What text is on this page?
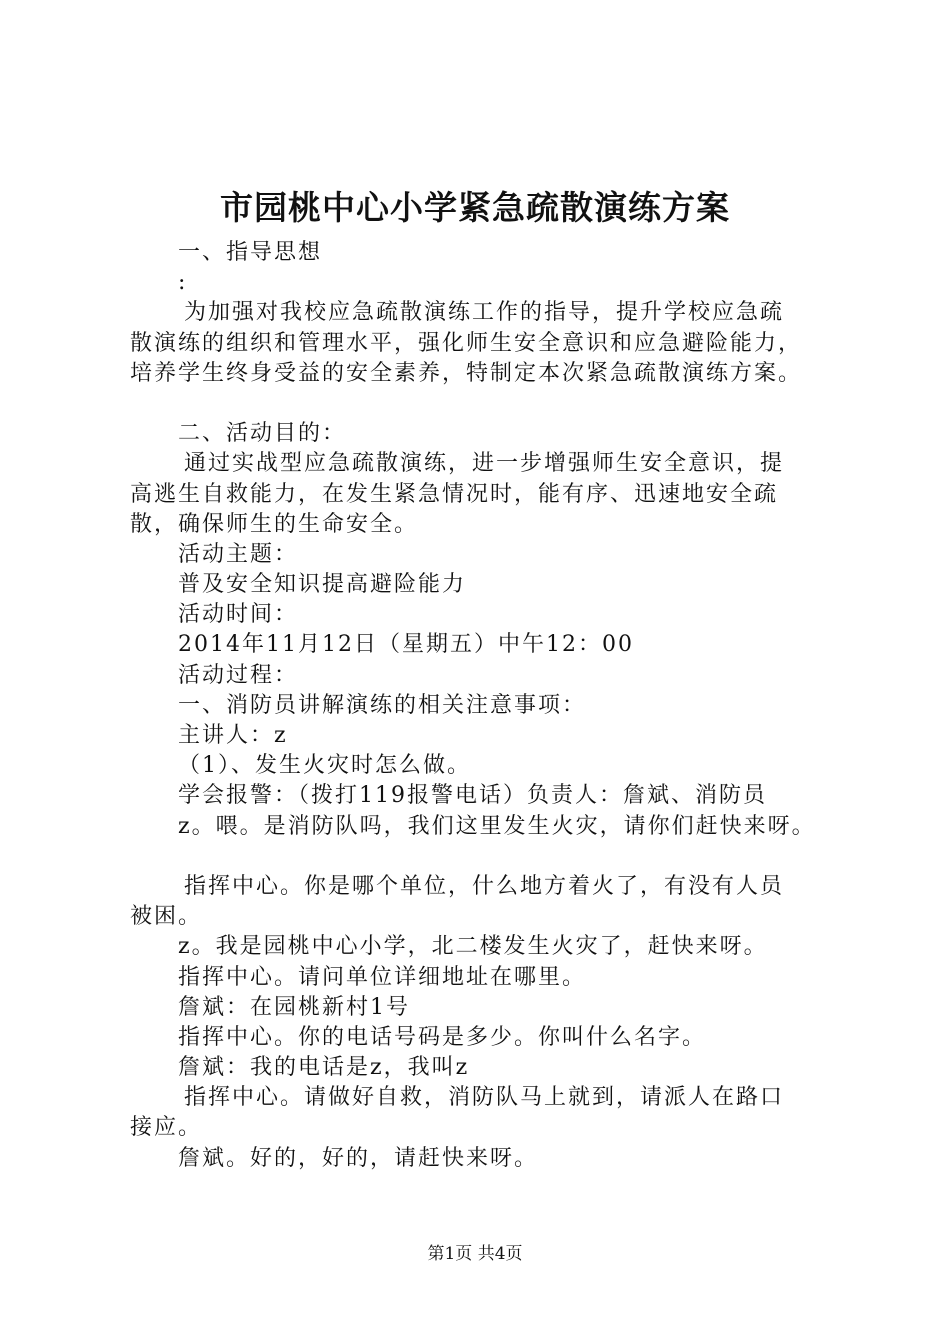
市园桃中心小学紧急疏散演练方案
一、指导思想
:
为加强对我校应急疏散演练工作的指导，提升学校应急疏
散演练的组织和管理水平，强化师生安全意识和应急避险能力，
培养学生终身受益的安全素养，特制定本次紧急疏散演练方案。
二、活动目的：
通过实战型应急疏散演练，进一步增强师生安全意识，提
高逃生自救能力，在发生紧急情况时，能有序、迅速地安全疏
散，确保师生的生命安全。
活动主题：
普及安全知识提高避险能力
活动时间：
2014年11月12日（星期五）中午12：00
活动过程：
一、消防员讲解演练的相关注意事项：
主讲人：z
（1）、发生火灾时怎么做。
学会报警：（拨打119报警电话）负责人：詹斌、消防员
z。喂。是消防队吗，我们这里发生火灾，请你们赶快来呀。
指挥中心。你是哪个单位，什么地方着火了，有没有人员
被困。
z。我是园桃中心小学，北二楼发生火灾了，赶快来呀。
指挥中心。请问单位详细地址在哪里。
詹斌：在园桃新村1号
指挥中心。你的电话号码是多少。你叫什么名字。
詹斌：我的电话是z，我叫z
指挥中心。请做好自救，消防队马上就到，请派人在路口
接应。
詹斌。好的，好的，请赶快来呀。
第1页 共4页
